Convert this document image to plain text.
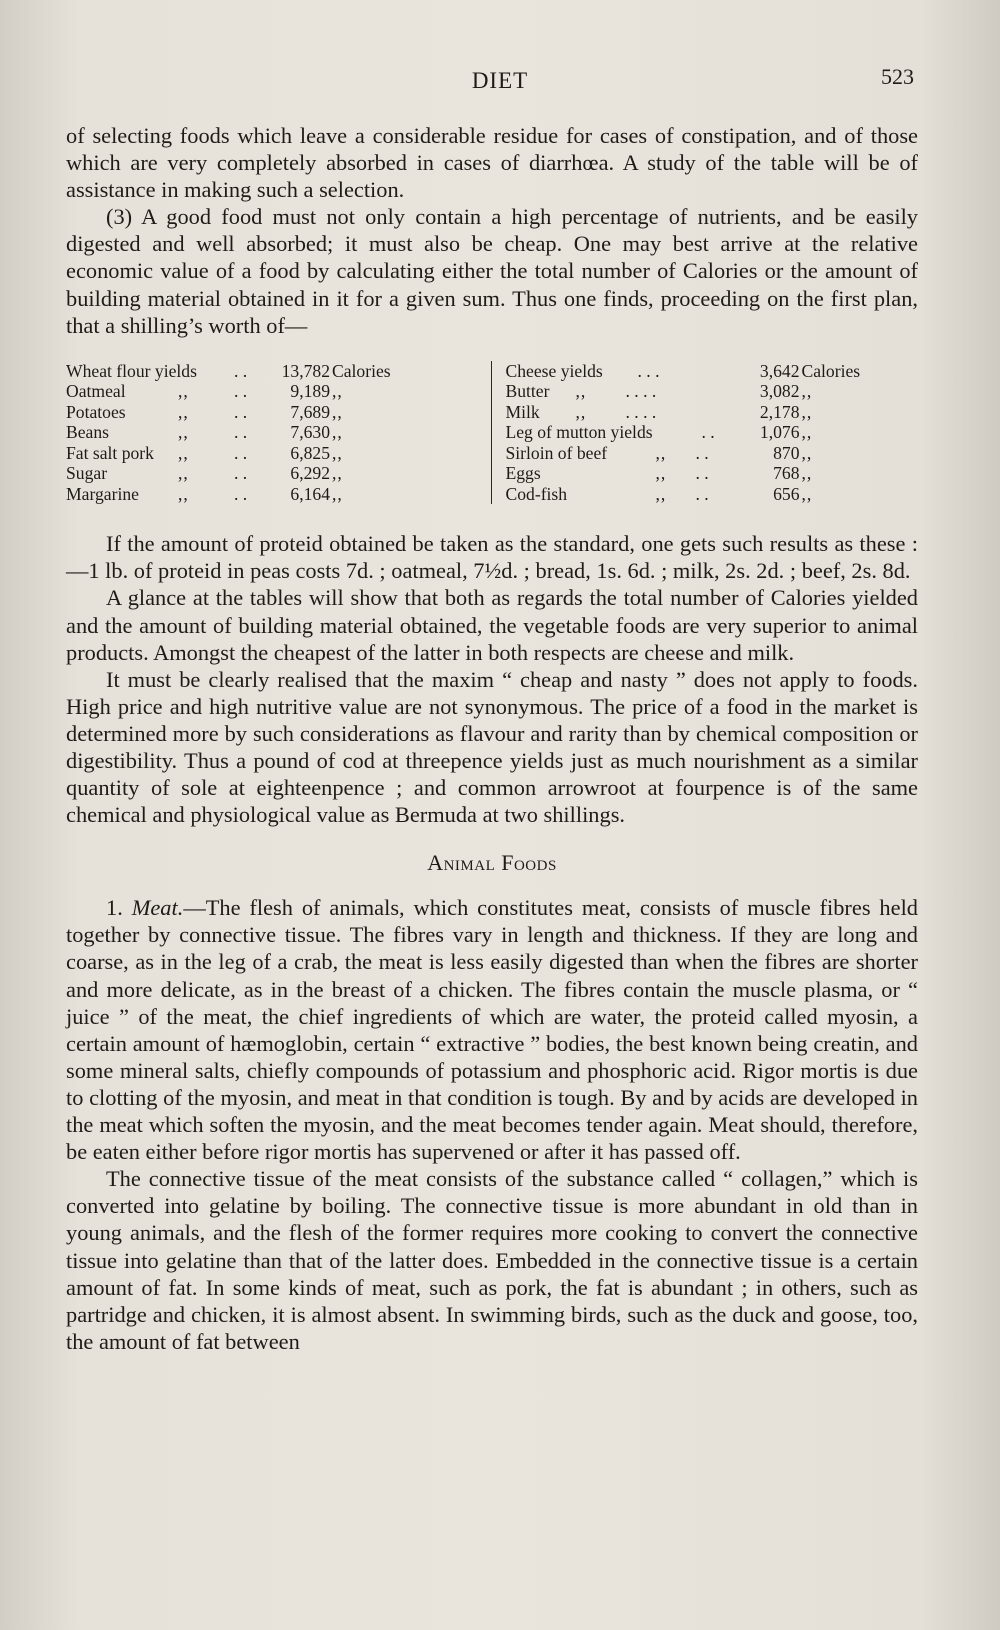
DIET	523

of selecting foods which leave a considerable residue for cases of constipation, and of those which are very completely absorbed in cases of diarrhœa. A study of the table will be of assistance in making such a selection.

(3) A good food must not only contain a high percentage of nutrients, and be easily digested and well absorbed; it must also be cheap. One may best arrive at the relative economic value of a food by calculating either the total number of Calories or the amount of building material obtained in it for a given sum. Thus one finds, proceeding on the first plan, that a shilling’s worth of—

Wheat flour yields	. .	13,782 Calories
Oatmeal	,,	. .	9,189 ,,
Potatoes	,,	. .	7,689 ,,
Beans	,,	. .	7,630 ,,
Fat salt pork	,,	. .	6,825 ,,
Sugar	,,	. .	6,292 ,,
Margarine	,,	. .	6,164 ,,
Cheese yields	. . .	3,642 Calories
Butter	,,	. . . .	3,082 ,,
Milk	,,	. . . .	2,178 ,,
Leg of mutton yields	. .	1,076 ,,
Sirloin of beef	,,	. .	870 ,,
Eggs	,,	. .	768 ,,
Cod-fish	,,	. .	656 ,,

If the amount of proteid obtained be taken as the standard, one gets such results as these :—1 lb. of proteid in peas costs 7d. ; oatmeal, 7½d. ; bread, 1s. 6d. ; milk, 2s. 2d. ; beef, 2s. 8d.

A glance at the tables will show that both as regards the total number of Calories yielded and the amount of building material obtained, the vegetable foods are very superior to animal products. Amongst the cheapest of the latter in both respects are cheese and milk.

It must be clearly realised that the maxim “ cheap and nasty ” does not apply to foods. High price and high nutritive value are not synonymous. The price of a food in the market is determined more by such considerations as flavour and rarity than by chemical composition or digestibility. Thus a pound of cod at threepence yields just as much nourishment as a similar quantity of sole at eighteenpence ; and common arrowroot at fourpence is of the same chemical and physiological value as Bermuda at two shillings.

Animal Foods

1. Meat.—The flesh of animals, which constitutes meat, consists of muscle fibres held together by connective tissue. The fibres vary in length and thickness. If they are long and coarse, as in the leg of a crab, the meat is less easily digested than when the fibres are shorter and more delicate, as in the breast of a chicken. The fibres contain the muscle plasma, or “ juice ” of the meat, the chief ingredients of which are water, the proteid called myosin, a certain amount of hæmoglobin, certain “ extractive ” bodies, the best known being creatin, and some mineral salts, chiefly compounds of potassium and phosphoric acid. Rigor mortis is due to clotting of the myosin, and meat in that condition is tough. By and by acids are developed in the meat which soften the myosin, and the meat becomes tender again. Meat should, therefore, be eaten either before rigor mortis has supervened or after it has passed off.

The connective tissue of the meat consists of the substance called “ collagen,” which is converted into gelatine by boiling. The connective tissue is more abundant in old than in young animals, and the flesh of the former requires more cooking to convert the connective tissue into gelatine than that of the latter does. Embedded in the connective tissue is a certain amount of fat. In some kinds of meat, such as pork, the fat is abundant ; in others, such as partridge and chicken, it is almost absent. In swimming birds, such as the duck and goose, too, the amount of fat between
